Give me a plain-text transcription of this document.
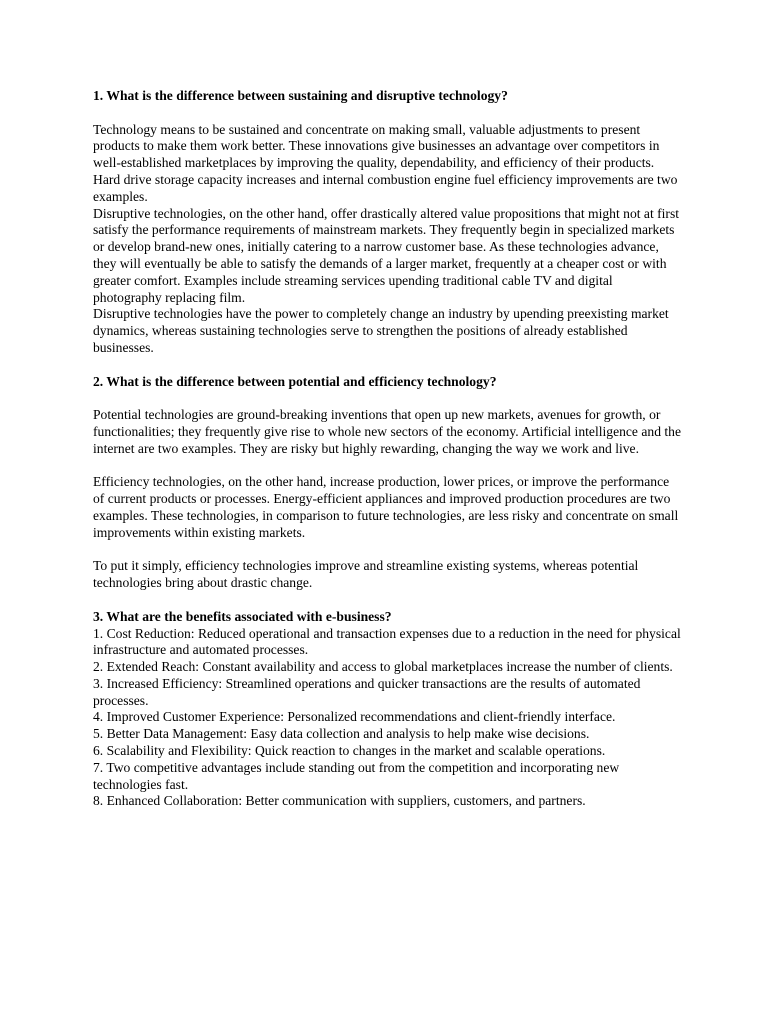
1. What is the difference between sustaining and disruptive technology?

Technology means to be sustained and concentrate on making small, valuable adjustments to present products to make them work better. These innovations give businesses an advantage over competitors in well-established marketplaces by improving the quality, dependability, and efficiency of their products. Hard drive storage capacity increases and internal combustion engine fuel efficiency improvements are two examples.

Disruptive technologies, on the other hand, offer drastically altered value propositions that might not at first satisfy the performance requirements of mainstream markets. They frequently begin in specialized markets or develop brand-new ones, initially catering to a narrow customer base. As these technologies advance, they will eventually be able to satisfy the demands of a larger market, frequently at a cheaper cost or with greater comfort. Examples include streaming services upending traditional cable TV and digital photography replacing film.

Disruptive technologies have the power to completely change an industry by upending preexisting market dynamics, whereas sustaining technologies serve to strengthen the positions of already established businesses.

2. What is the difference between potential and efficiency technology?

Potential technologies are ground-breaking inventions that open up new markets, avenues for growth, or functionalities; they frequently give rise to whole new sectors of the economy. Artificial intelligence and the internet are two examples. They are risky but highly rewarding, changing the way we work and live.

Efficiency technologies, on the other hand, increase production, lower prices, or improve the performance of current products or processes. Energy-efficient appliances and improved production procedures are two examples. These technologies, in comparison to future technologies, are less risky and concentrate on small improvements within existing markets.

To put it simply, efficiency technologies improve and streamline existing systems, whereas potential technologies bring about drastic change.

3. What are the benefits associated with e-business?

1. Cost Reduction: Reduced operational and transaction expenses due to a reduction in the need for physical infrastructure and automated processes.

2. Extended Reach: Constant availability and access to global marketplaces increase the number of clients.

3. Increased Efficiency: Streamlined operations and quicker transactions are the results of automated processes.

4. Improved Customer Experience: Personalized recommendations and client-friendly interface.

5. Better Data Management: Easy data collection and analysis to help make wise decisions.

6. Scalability and Flexibility: Quick reaction to changes in the market and scalable operations.

7. Two competitive advantages include standing out from the competition and incorporating new technologies fast.

8. Enhanced Collaboration: Better communication with suppliers, customers, and partners.
